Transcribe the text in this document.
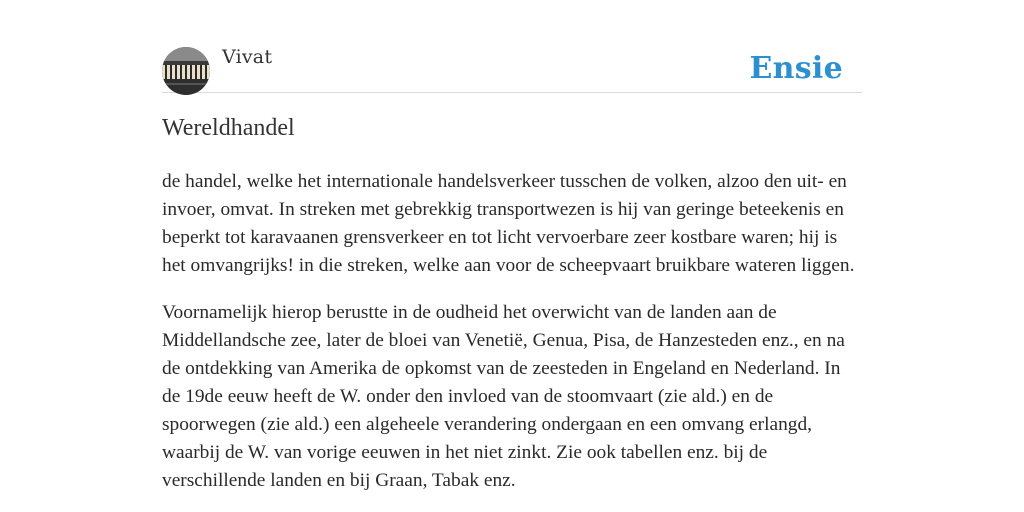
Vivat	Ensie
Wereldhandel

de handel, welke het internationale handelsverkeer tusschen de volken, alzoo den uit- en invoer, omvat. In streken met gebrekkig transportwezen is hij van geringe beteekenis en beperkt tot karavaanen grensverkeer en tot licht vervoerbare zeer kostbare waren; hij is het omvangrijks! in die streken, welke aan voor de scheepvaart bruikbare wateren liggen.

Voornamelijk hierop berustte in de oudheid het overwicht van de landen aan de Middellandsche zee, later de bloei van Venetië, Genua, Pisa, de Hanzesteden enz., en na de ontdekking van Amerika de opkomst van de zeesteden in Engeland en Nederland. In de 19de eeuw heeft de W. onder den invloed van de stoomvaart (zie ald.) en de spoorwegen (zie ald.) een algeheele verandering ondergaan en een omvang erlangd, waarbij de W. van vorige eeuwen in het niet zinkt. Zie ook tabellen enz. bij de verschillende landen en bij Graan, Tabak enz.
